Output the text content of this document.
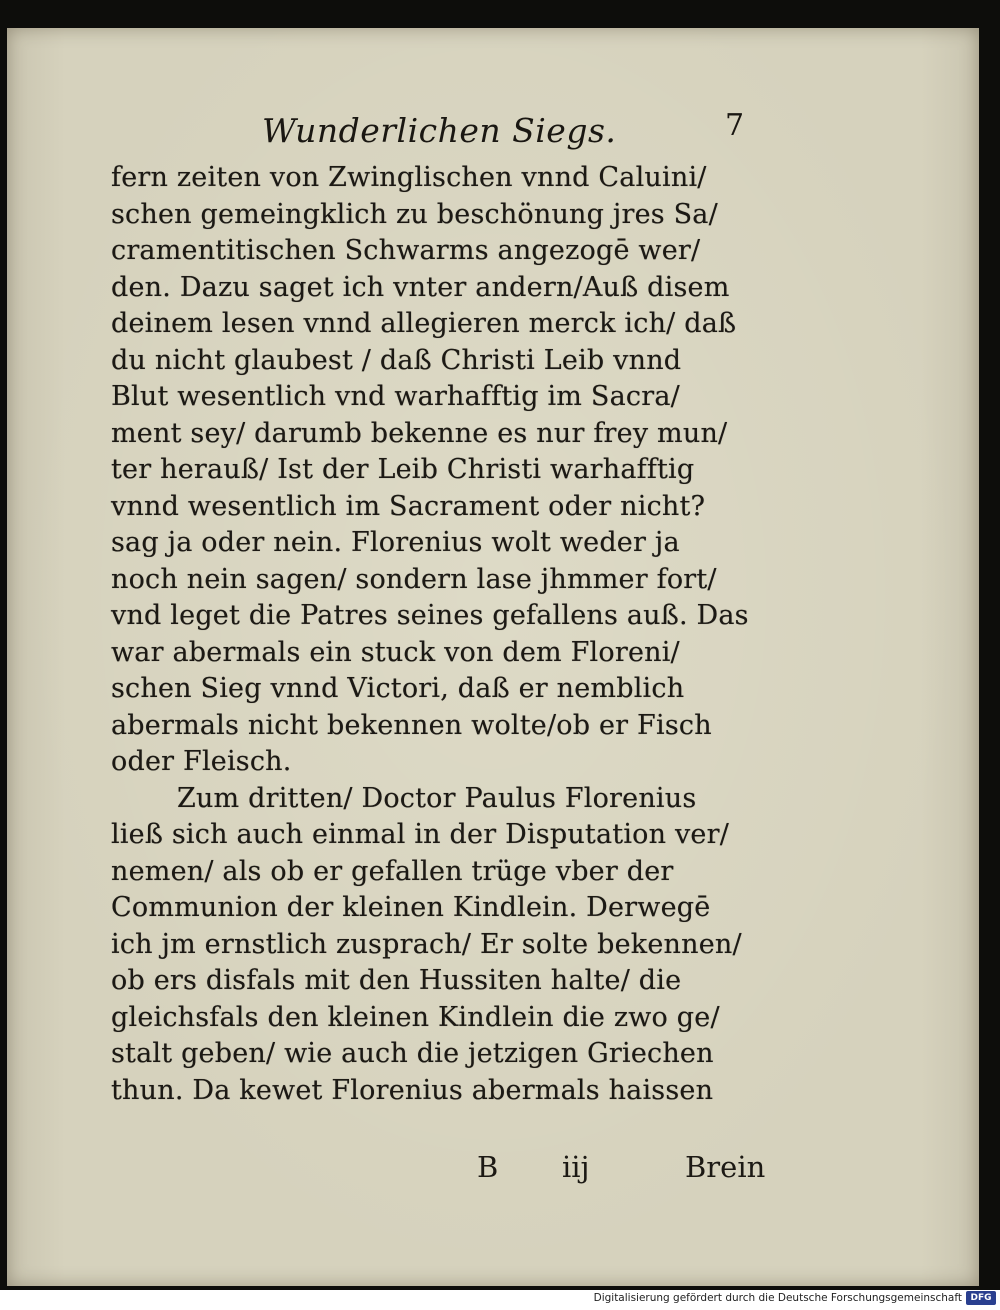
Wunderlichen Siegs.	7
fern zeiten von Zwinglischen vnnd Caluini/
schen gemeingklich zu beschönung jres Sa/
cramentitischen Schwarms angezogē wer/
den. Dazu saget ich vnter andern/Auß disem
deinem lesen vnnd allegieren merck ich/ daß
du nicht glaubest / daß Christi Leib vnnd
Blut wesentlich vnd warhafftig im Sacra/
ment sey/ darumb bekenne es nur frey mun/
ter herauß/ Ist der Leib Christi warhafftig
vnnd wesentlich im Sacrament oder nicht?
sag ja oder nein. Florenius wolt weder ja
noch nein sagen/ sondern lase jhmmer fort/
vnd leget die Patres seines gefallens auß. Das
war abermals ein stuck von dem Floreni/
schen Sieg vnnd Victori, daß er nemblich
abermals nicht bekennen wolte/ob er Fisch
oder Fleisch.
Zum dritten/ Doctor Paulus Florenius
ließ sich auch einmal in der Disputation ver/
nemen/ als ob er gefallen trüge vber der
Communion der kleinen Kindlein. Derwegē
ich jm ernstlich zusprach/ Er solte bekennen/
ob ers disfals mit den Hussiten halte/ die
gleichsfals den kleinen Kindlein die zwo ge/
stalt geben/ wie auch die jetzigen Griechen
thun. Da kewet Florenius abermals haissen
B iij	Brein
Digitalisierung gefördert durch die Deutsche Forschungsgemeinschaft DFG
